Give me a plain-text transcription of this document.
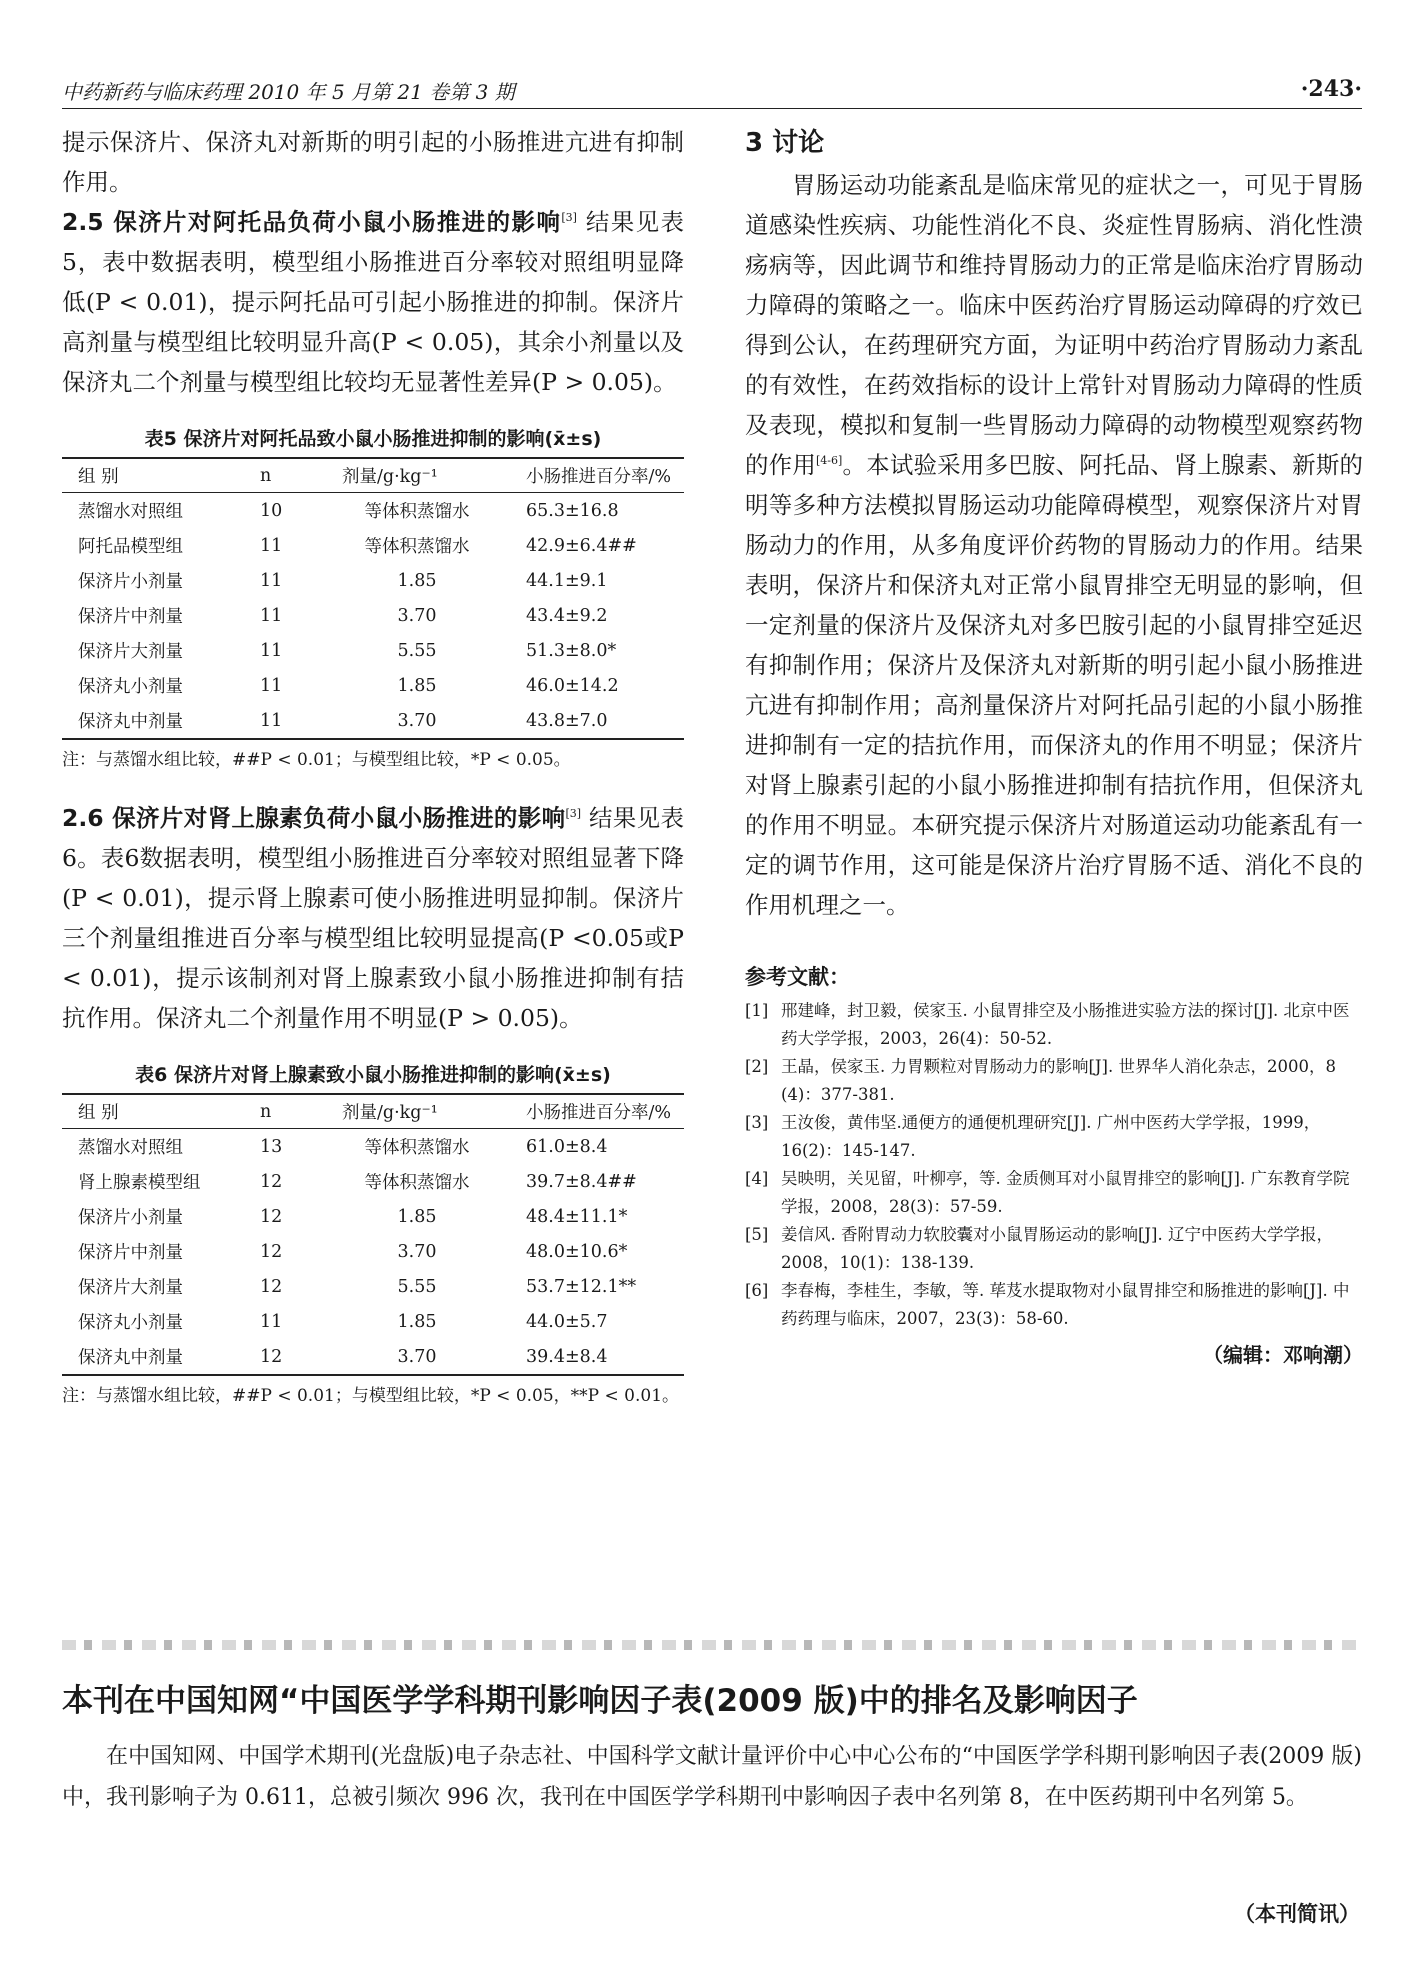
中药新药与临床药理 2010 年 5 月第 21 卷第 3 期	·243·

提示保济片、保济丸对新斯的明引起的小肠推进亢进有抑制作用。

2.5 保济片对阿托品负荷小鼠小肠推进的影响[3] 结果见表5，表中数据表明，模型组小肠推进百分率较对照组明显降低(P < 0.01)，提示阿托品可引起小肠推进的抑制。保济片高剂量与模型组比较明显升高(P < 0.05)，其余小剂量以及保济丸二个剂量与模型组比较均无显著性差异(P > 0.05)。

表5 保济片对阿托品致小鼠小肠推进抑制的影响(x̄±s)

组 别	n	剂量/g·kg⁻¹	小肠推进百分率/%
蒸馏水对照组	10	等体积蒸馏水	65.3±16.8
阿托品模型组	11	等体积蒸馏水	42.9±6.4##
保济片小剂量	11	1.85	44.1±9.1
保济片中剂量	11	3.70	43.4±9.2
保济片大剂量	11	5.55	51.3±8.0*
保济丸小剂量	11	1.85	46.0±14.2
保济丸中剂量	11	3.70	43.8±7.0

注：与蒸馏水组比较，##P < 0.01；与模型组比较，*P < 0.05。

2.6 保济片对肾上腺素负荷小鼠小肠推进的影响[3] 结果见表6。表6数据表明，模型组小肠推进百分率较对照组显著下降(P < 0.01)，提示肾上腺素可使小肠推进明显抑制。保济片三个剂量组推进百分率与模型组比较明显提高(P <0.05或P < 0.01)，提示该制剂对肾上腺素致小鼠小肠推进抑制有拮抗作用。保济丸二个剂量作用不明显(P > 0.05)。

表6 保济片对肾上腺素致小鼠小肠推进抑制的影响(x̄±s)

组 别	n	剂量/g·kg⁻¹	小肠推进百分率/%
蒸馏水对照组	13	等体积蒸馏水	61.0±8.4
肾上腺素模型组	12	等体积蒸馏水	39.7±8.4##
保济片小剂量	12	1.85	48.4±11.1*
保济片中剂量	12	3.70	48.0±10.6*
保济片大剂量	12	5.55	53.7±12.1**
保济丸小剂量	11	1.85	44.0±5.7
保济丸中剂量	12	3.70	39.4±8.4

注：与蒸馏水组比较，##P < 0.01；与模型组比较，*P < 0.05，**P < 0.01。

3 讨论

胃肠运动功能紊乱是临床常见的症状之一，可见于胃肠道感染性疾病、功能性消化不良、炎症性胃肠病、消化性溃疡病等，因此调节和维持胃肠动力的正常是临床治疗胃肠动力障碍的策略之一。临床中医药治疗胃肠运动障碍的疗效已得到公认，在药理研究方面，为证明中药治疗胃肠动力紊乱的有效性，在药效指标的设计上常针对胃肠动力障碍的性质及表现，模拟和复制一些胃肠动力障碍的动物模型观察药物的作用[4-6]。本试验采用多巴胺、阿托品、肾上腺素、新斯的明等多种方法模拟胃肠运动功能障碍模型，观察保济片对胃肠动力的作用，从多角度评价药物的胃肠动力的作用。结果表明，保济片和保济丸对正常小鼠胃排空无明显的影响，但一定剂量的保济片及保济丸对多巴胺引起的小鼠胃排空延迟有抑制作用；保济片及保济丸对新斯的明引起小鼠小肠推进亢进有抑制作用；高剂量保济片对阿托品引起的小鼠小肠推进抑制有一定的拮抗作用，而保济丸的作用不明显；保济片对肾上腺素引起的小鼠小肠推进抑制有拮抗作用，但保济丸的作用不明显。本研究提示保济片对肠道运动功能紊乱有一定的调节作用，这可能是保济片治疗胃肠不适、消化不良的作用机理之一。

参考文献：

[1] 邢建峰，封卫毅，侯家玉. 小鼠胃排空及小肠推进实验方法的探讨[J]. 北京中医药大学学报，2003，26(4)：50-52.

[2] 王晶，侯家玉. 力胃颗粒对胃肠动力的影响[J]. 世界华人消化杂志，2000，8 (4)：377-381.

[3] 王汝俊，黄伟坚.通便方的通便机理研究[J]. 广州中医药大学学报，1999，16(2)：145-147.

[4] 吴映明，关见留，叶柳亭，等. 金质侧耳对小鼠胃排空的影响[J]. 广东教育学院学报，2008，28(3)：57-59.

[5] 姜信风. 香附胃动力软胶囊对小鼠胃肠运动的影响[J]. 辽宁中医药大学学报，2008，10(1)：138-139.

[6] 李春梅，李桂生，李敏，等. 荜芨水提取物对小鼠胃排空和肠推进的影响[J]. 中药药理与临床，2007，23(3)：58-60.

（编辑：邓响潮）

本刊在中国知网“中国医学学科期刊影响因子表(2009 版)中的排名及影响因子
在中国知网、中国学术期刊(光盘版)电子杂志社、中国科学文献计量评价中心中心公布的“中国医学学科期刊影响因子表(2009 版)中，我刊影响子为 0.611，总被引频次 996 次，我刊在中国医学学科期刊中影响因子表中名列第 8，在中医药期刊中名列第 5。
（本刊简讯）
